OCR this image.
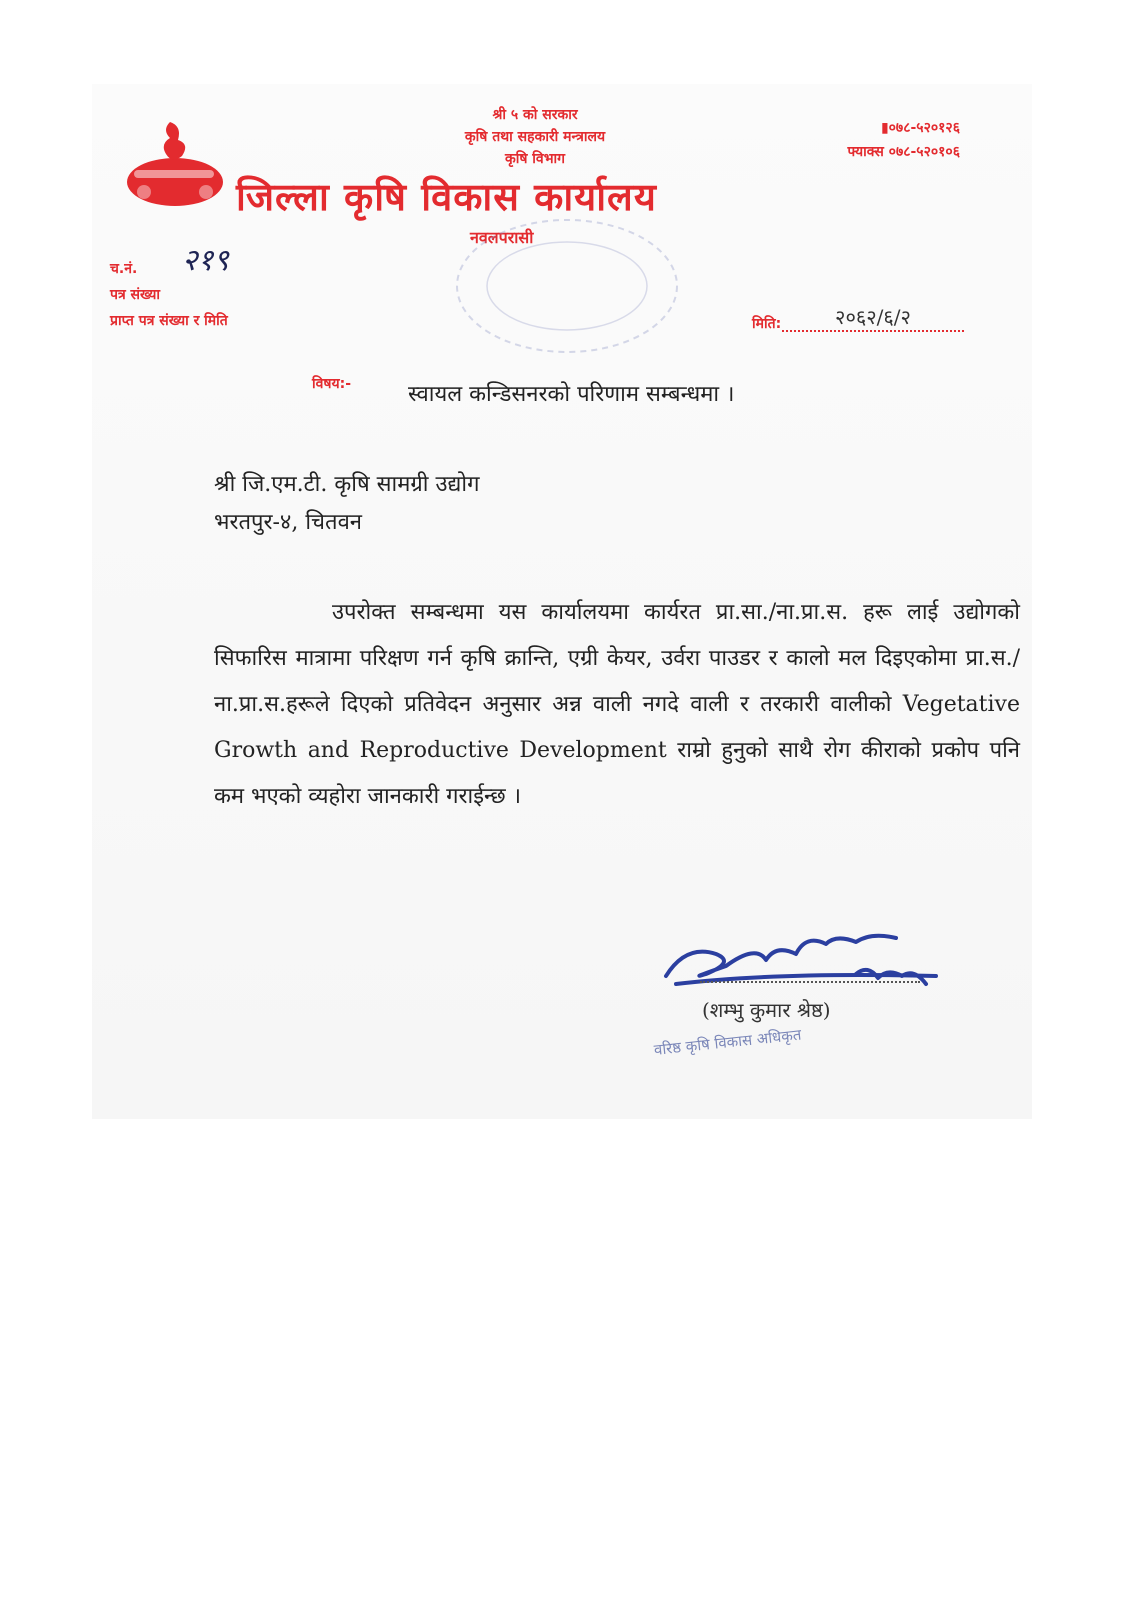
श्री ५ को सरकार
कृषि तथा सहकारी मन्त्रालय
कृषि विभाग
▮०७८-५२०१२६
फ्याक्स ०७८-५२०१०६
जिल्ला कृषि विकास कार्यालय
नवलपरासी
च.नं.
पत्र संख्या
प्राप्त पत्र संख्या र मिति
२१९
मिति:	२०६२/६/२
विषय:-	स्वायल कन्डिसनरको परिणाम सम्बन्धमा ।
श्री जि.एम.टी. कृषि सामग्री उद्योग
भरतपुर-४, चितवन
उपरोक्त सम्बन्धमा यस कार्यालयमा कार्यरत प्रा.सा./ना.प्रा.स. हरू लाई उद्योगको सिफारिस मात्रामा परिक्षण गर्न कृषि क्रान्ति, एग्री केयर, उर्वरा पाउडर र कालो मल दिइएकोमा प्रा.स./ना.प्रा.स.हरूले दिएको प्रतिवेदन अनुसार अन्न वाली नगदे वाली र तरकारी वालीको Vegetative Growth and Reproductive Development राम्रो हुनुको साथै रोग कीराको प्रकोप पनि कम भएको व्यहोरा जानकारी गराईन्छ ।
(शम्भु कुमार श्रेष्ठ)
वरिष्ठ कृषि विकास अधिकृत
